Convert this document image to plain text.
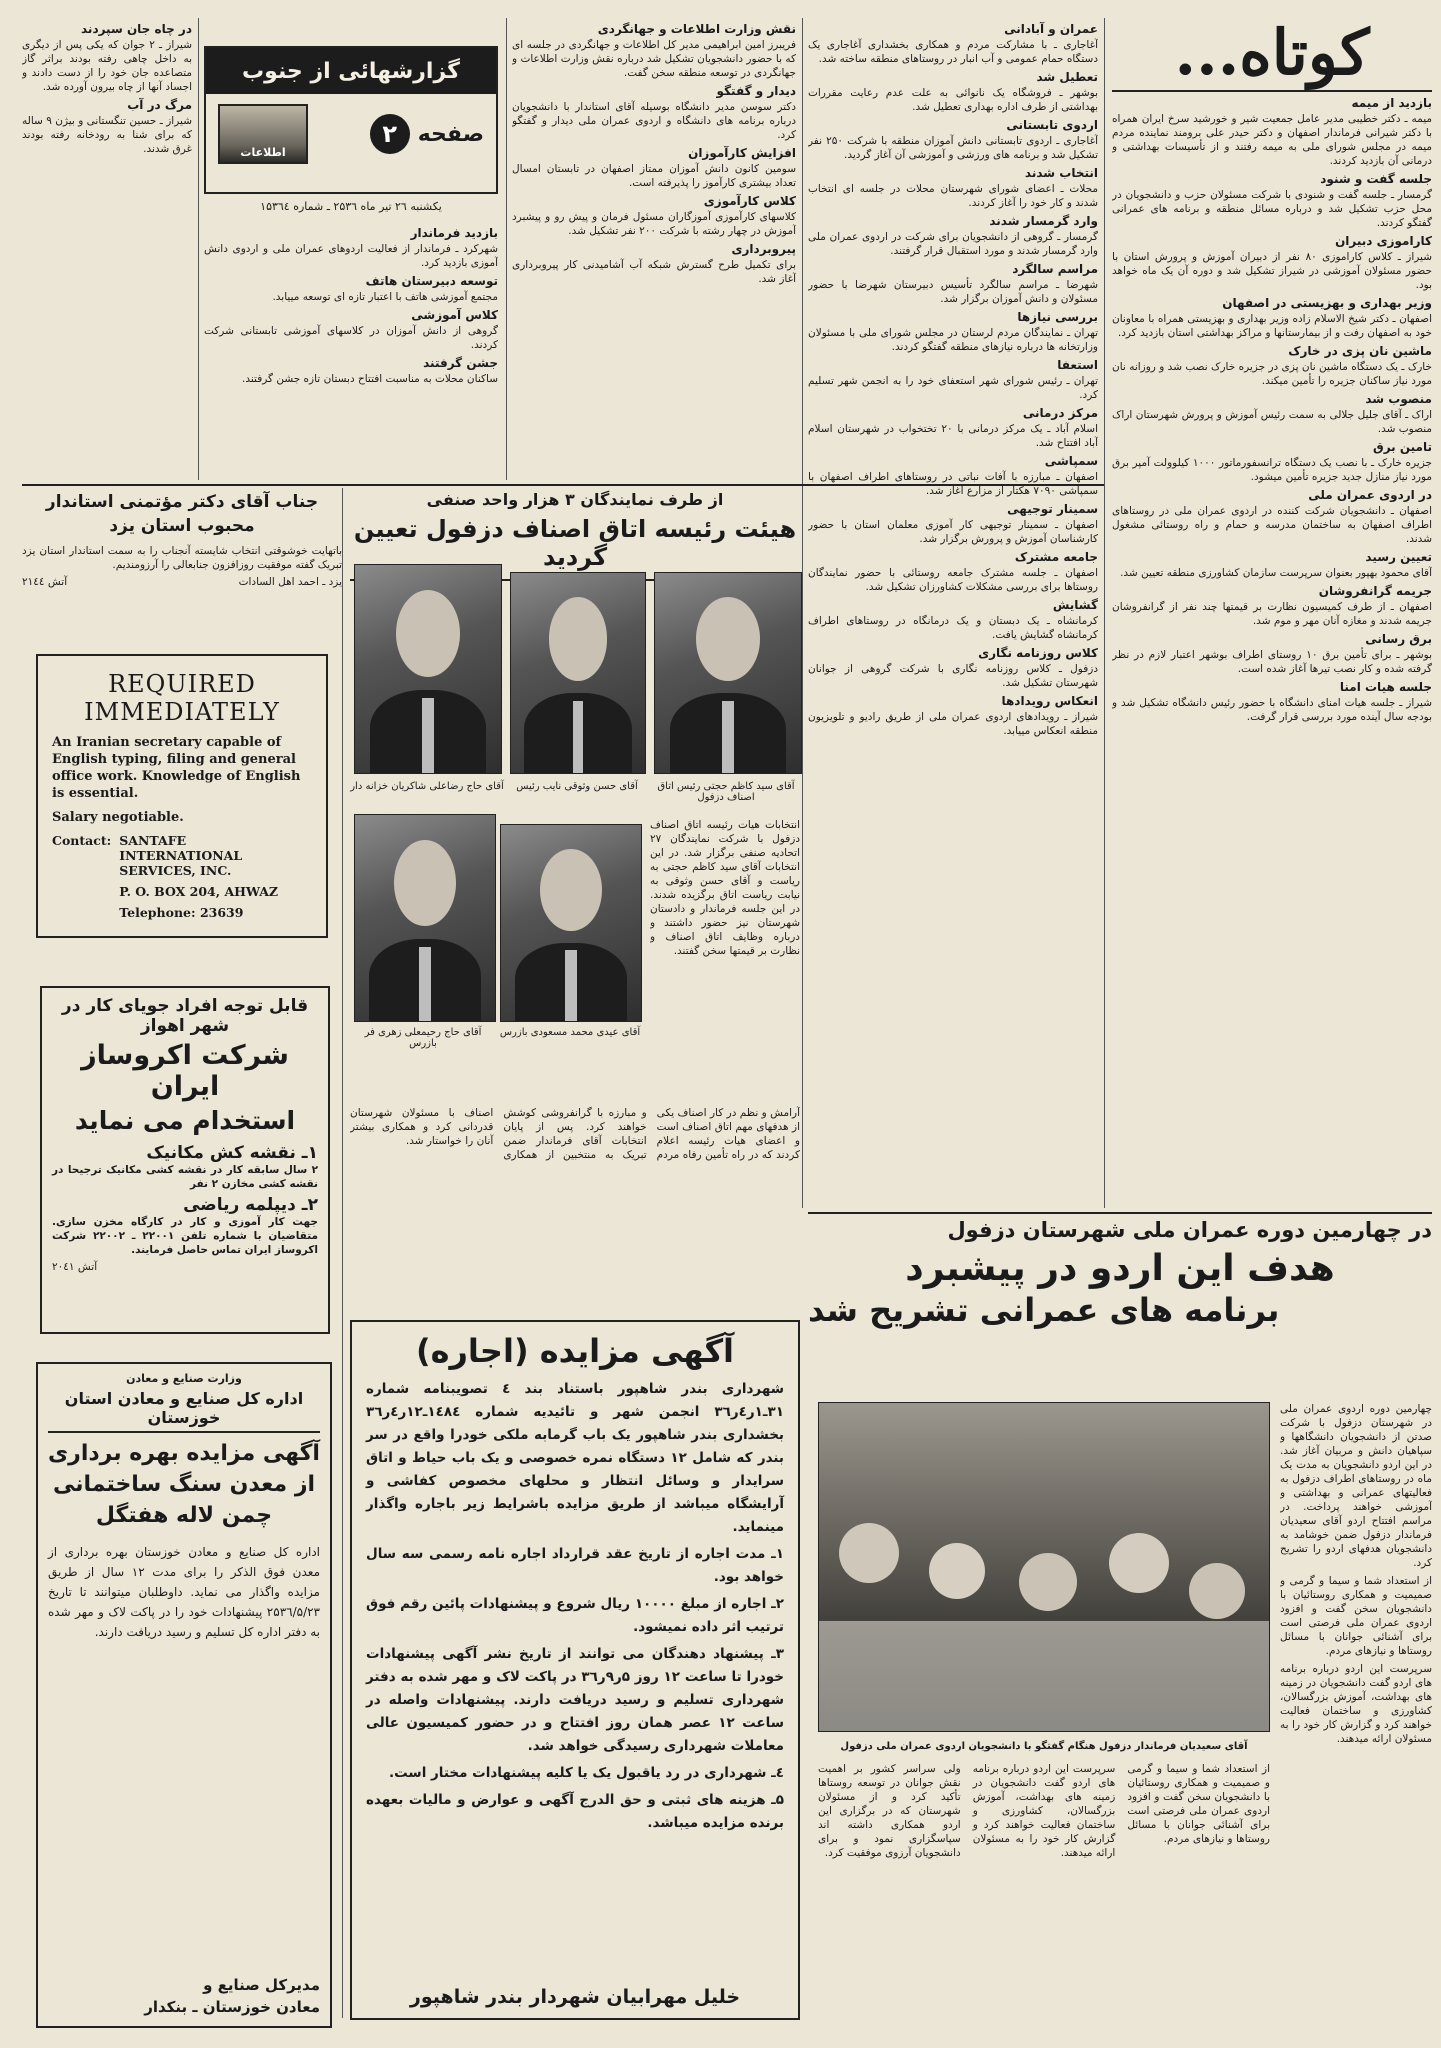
کوتاه...
بازدید از میمه
میمه ـ دکتر خطیبی مدیر عامل جمعیت شیر و خورشید سرخ ایران همراه با دکتر شیرانی فرماندار اصفهان و دکتر حیدر علی برومند نماینده مردم میمه در مجلس شورای ملی به میمه رفتند و از تأسیسات بهداشتی و درمانی آن بازدید کردند.
جلسه گفت و شنود
گرمسار ـ جلسه گفت و شنودی با شرکت مسئولان حزب و دانشجویان در محل حزب تشکیل شد و درباره مسائل منطقه و برنامه های عمرانی گفتگو کردند.
کاراموزی دبیران
شیراز ـ کلاس کاراموزی ۸۰ نفر از دبیران آموزش و پرورش استان با حضور مسئولان آموزشی در شیراز تشکیل شد و دوره آن یک ماه خواهد بود.
وزیر بهداری و بهزیستی در اصفهان
اصفهان ـ دکتر شیخ الاسلام زاده وزیر بهداری و بهزیستی همراه با معاونان خود به اصفهان رفت و از بیمارستانها و مراکز بهداشتی استان بازدید کرد.
ماشین نان پزی در خارک
خارک ـ یک دستگاه ماشین نان پزی در جزیره خارک نصب شد و روزانه نان مورد نیاز ساکنان جزیره را تأمین میکند.
منصوب شد
اراک ـ آقای جلیل جلالی به سمت رئیس آموزش و پرورش شهرستان اراک منصوب شد.
تامین برق
جزیره خارک ـ با نصب یک دستگاه ترانسفورماتور ۱۰۰۰ کیلوولت آمپر برق مورد نیاز منازل جدید جزیره تأمین میشود.
در اردوی عمران ملی
اصفهان ـ دانشجویان شرکت کننده در اردوی عمران ملی در روستاهای اطراف اصفهان به ساختمان مدرسه و حمام و راه روستائی مشغول شدند.
تعیین رسید
آقای محمود بهپور بعنوان سرپرست سازمان کشاورزی منطقه تعیین شد.
جریمه گرانفروشان
اصفهان ـ از طرف کمیسیون نظارت بر قیمتها چند نفر از گرانفروشان جریمه شدند و مغازه آنان مهر و موم شد.
برق رسانی
بوشهر ـ برای تأمین برق ۱۰ روستای اطراف بوشهر اعتبار لازم در نظر گرفته شده و کار نصب تیرها آغاز شده است.
جلسه هیات امنا
شیراز ـ جلسه هیات امنای دانشگاه با حضور رئیس دانشگاه تشکیل شد و بودجه سال آینده مورد بررسی قرار گرفت.
عمران و آبادانی
آغاجاری ـ با مشارکت مردم و همکاری بخشداری آغاجاری یک دستگاه حمام عمومی و آب انبار در روستاهای منطقه ساخته شد.
تعطیل شد
بوشهر ـ فروشگاه یک نانوائی به علت عدم رعایت مقررات بهداشتی از طرف اداره بهداری تعطیل شد.
اردوی تابستانی
آغاجاری ـ اردوی تابستانی دانش آموزان منطقه با شرکت ۲۵۰ نفر تشکیل شد و برنامه های ورزشی و آموزشی آن آغاز گردید.
انتخاب شدند
محلات ـ اعضای شورای شهرستان محلات در جلسه ای انتخاب شدند و کار خود را آغاز کردند.
وارد گرمسار شدند
گرمسار ـ گروهی از دانشجویان برای شرکت در اردوی عمران ملی وارد گرمسار شدند و مورد استقبال قرار گرفتند.
مراسم سالگرد
شهرضا ـ مراسم سالگرد تأسیس دبیرستان شهرضا با حضور مسئولان و دانش آموزان برگزار شد.
بررسی نیازها
تهران ـ نمایندگان مردم لرستان در مجلس شورای ملی با مسئولان وزارتخانه ها درباره نیازهای منطقه گفتگو کردند.
استعفا
تهران ـ رئیس شورای شهر استعفای خود را به انجمن شهر تسلیم کرد.
مرکز درمانی
اسلام آباد ـ یک مرکز درمانی با ۲۰ تختخواب در شهرستان اسلام آباد افتتاح شد.
سمپاشی
اصفهان ـ مبارزه با آفات نباتی در روستاهای اطراف اصفهان با سمپاشی ۷۰۹۰ هکتار از مزارع آغاز شد.
سمینار توجیهی
اصفهان ـ سمینار توجیهی کار آموزی معلمان استان با حضور کارشناسان آموزش و پرورش برگزار شد.
جامعه مشترک
اصفهان ـ جلسه مشترک جامعه روستائی با حضور نمایندگان روستاها برای بررسی مشکلات کشاورزان تشکیل شد.
گشایش
کرمانشاه ـ یک دبستان و یک درمانگاه در روستاهای اطراف کرمانشاه گشایش یافت.
کلاس روزنامه نگاری
دزفول ـ کلاس روزنامه نگاری با شرکت گروهی از جوانان شهرستان تشکیل شد.
انعکاس رویدادها
شیراز ـ رویدادهای اردوی عمران ملی از طریق رادیو و تلویزیون منطقه انعکاس مییابد.
نقش وزارت اطلاعات و جهانگردی
فریبرز امین ابراهیمی مدیر کل اطلاعات و جهانگردی در جلسه ای که با حضور دانشجویان تشکیل شد درباره نقش وزارت اطلاعات و جهانگردی در توسعه منطقه سخن گفت.
دیدار و گفتگو
دکتر سوسن مدیر دانشگاه بوسیله آقای استاندار با دانشجویان درباره برنامه های دانشگاه و اردوی عمران ملی دیدار و گفتگو کرد.
افزایش کارآموزان
سومین کانون دانش آموزان ممتاز اصفهان در تابستان امسال تعداد بیشتری کارآموز را پذیرفته است.
کلاس کارآموزی
کلاسهای کارآموزی آموزگاران مسئول فرمان و پیش رو و پیشبرد آموزش در چهار رشته با شرکت ۲۰۰ نفر تشکیل شد.
پیروبرداری
برای تکمیل طرح گسترش شبکه آب آشامیدنی کار پیروبرداری آغاز شد.
گزارشهائی از جنوب
صفحه
۲
اطلاعات
یکشنبه ۲٦ تیر ماه ۲۵۳٦ ـ شماره ۱۵۳٦٤
بازدید فرماندار
شهرکرد ـ فرماندار از فعالیت اردوهای عمران ملی و اردوی دانش آموزی بازدید کرد.
توسعه دبیرستان هاتف
مجتمع آموزشی هاتف با اعتبار تازه ای توسعه مییابد.
کلاس آموزشی
گروهی از دانش آموزان در کلاسهای آموزشی تابستانی شرکت کردند.
جشن گرفتند
ساکنان محلات به مناسبت افتتاح دبستان تازه جشن گرفتند.
در چاه جان سپردند
شیراز ـ ۲ جوان که یکی پس از دیگری به داخل چاهی رفته بودند براثر گاز متصاعده جان خود را از دست دادند و اجساد آنها از چاه بیرون آورده شد.
مرگ در آب
شیراز ـ حسین تنگستانی و بیژن ۹ ساله که برای شنا به رودخانه رفته بودند غرق شدند.
جناب آقای دکتر مؤتمنی استاندار محبوب استان یزد
باتهایت خوشوقتی انتخاب شایسته آنجناب را به سمت استاندار استان یزد تبریک گفته موفقیت روزافزون جنابعالی را آرزومندیم.
یزد ـ احمد اهل السادات
آتش ۲۱٤٤
REQUIRED
IMMEDIATELY
An Iranian secretary capable of English typing, filing and general office work. Knowledge of English is essential.
Salary negotiable.
Contact: SANTAFE INTERNATIONAL SERVICES, INC.
P. O. BOX 204, AHWAZ
Telephone: 23639
قابل توجه افراد جویای کار در
شهر اهواز
شرکت اکروساز ایران
استخدام می نماید
۱ـ نقشه کش مکانیک
۲ سال سابقه کار در نقشه کشی مکانیک ترجیحا در نقشه کشی مخازن ۲ نفر
۲ـ دیپلمه ریاضی
جهت کار آموزی و کار در کارگاه مخزن سازی. متقاضیان با شماره تلفن ۲۲۰۰۱ ـ ۲۲۰۰۲ شرکت اکروساز ایران تماس حاصل فرمایند.
آتش ۲۰٤۱
وزارت صنایع و معادن
اداره کل صنایع و معادن استان خوزستان
آگهی مزایده بهره برداری
از معدن سنگ ساختمانی
چمن لاله هفتگل
اداره کل صنایع و معادن خوزستان بهره برداری از معدن فوق الذکر را برای مدت ۱۲ سال از طریق مزایده واگذار می نماید. داوطلبان میتوانند تا تاریخ ۲۵۳٦/۵/۲۳ پیشنهادات خود را در پاکت لاک و مهر شده به دفتر اداره کل تسلیم و رسید دریافت دارند.
مدیرکل صنایع و
معادن خوزستان ـ بنکدار
از طرف نمایندگان ۳ هزار واحد صنفی
هیئت رئیسه اتاق اصناف دزفول تعیین گردید
آقای سید کاظم حجتی رئیس اتاق اصناف دزفول
آقای حسن وثوقی نایب رئیس
آقای حاج رضاعلی شاکریان خزانه دار
انتخابات هیات رئیسه اتاق اصناف دزفول با شرکت نمایندگان ۲۷ اتحادیه صنفی برگزار شد. در این انتخابات آقای سید کاظم حجتی به ریاست و آقای حسن وثوقی به نیابت ریاست اتاق برگزیده شدند. در این جلسه فرماندار و دادستان شهرستان نیز حضور داشتند و درباره وظایف اتاق اصناف و نظارت بر قیمتها سخن گفتند.
آقای عیدی محمد مسعودی بازرس
آقای حاج رحیمعلی زهری فر بازرس
آرامش و نظم در کار اصناف یکی از هدفهای مهم اتاق اصناف است و اعضای هیات رئیسه اعلام کردند که در راه تأمین رفاه مردم و مبارزه با گرانفروشی کوشش خواهند کرد. پس از پایان انتخابات آقای فرماندار ضمن تبریک به منتخبین از همکاری اصناف با مسئولان شهرستان قدردانی کرد و همکاری بیشتر آنان را خواستار شد.
آگهی مزایده (اجاره)
شهرداری بندر شاهپور باستناد بند ٤ تصویبنامه شماره ۳۱ـ۱ر٤ر۳٦ انجمن شهر و تائیدیه شماره ۱٤۸٤ـ۱۲ر٤ر۳٦ بخشداری بندر شاهپور یک باب گرمابه ملکی خودرا واقع در سر بندر که شامل ۱۲ دستگاه نمره خصوصی و یک باب حیاط و اتاق سرایدار و وسائل انتظار و محلهای مخصوص کفاشی و آرایشگاه میباشد از طریق مزایده باشرایط زیر باجاره واگذار مینماید.
۱ـ مدت اجاره از تاریخ عقد قرارداد اجاره نامه رسمی سه سال خواهد بود.
۲ـ اجاره از مبلغ ۱۰۰۰۰ ریال شروع و پیشنهادات پائین رقم فوق ترتیب اثر داده نمیشود.
۳ـ پیشنهاد دهندگان می توانند از تاریخ نشر آگهی پیشنهادات خودرا تا ساعت ۱۲ روز ۵ر۹ر۳٦ در پاکت لاک و مهر شده به دفتر شهرداری تسلیم و رسید دریافت دارند. پیشنهادات واصله در ساعت ۱۲ عصر همان روز افتتاح و در حضور کمیسیون عالی معاملات شهرداری رسیدگی خواهد شد.
٤ـ شهرداری در رد یاقبول یک یا کلیه پیشنهادات مختار است.
۵ـ هزینه های ثبتی و حق الدرج آگهی و عوارض و مالیات بعهده برنده مزایده میباشد.
خلیل مهرابیان شهردار بندر شاهپور
در چهارمین دوره عمران ملی شهرستان دزفول
هدف این اردو در پیشبرد
برنامه های عمرانی تشریح شد
آقای سعیدیان فرماندار دزفول هنگام گفتگو با دانشجویان اردوی عمران ملی دزفول
چهارمین دوره اردوی عمران ملی در شهرستان دزفول با شرکت صدتن از دانشجویان دانشگاهها و سپاهیان دانش و مربیان آغاز شد. در این اردو دانشجویان به مدت یک ماه در روستاهای اطراف دزفول به فعالیتهای عمرانی و بهداشتی و آموزشی خواهند پرداخت. در مراسم افتتاح اردو آقای سعیدیان فرماندار دزفول ضمن خوشامد به دانشجویان هدفهای اردو را تشریح کرد.
از استعداد شما و سیما و گرمی و صمیمیت و همکاری روستائیان با دانشجویان سخن گفت و افزود اردوی عمران ملی فرصتی است برای آشنائی جوانان با مسائل روستاها و نیازهای مردم.
سرپرست این اردو درباره برنامه های اردو گفت دانشجویان در زمینه های بهداشت، آموزش بزرگسالان، کشاورزی و ساختمان فعالیت خواهند کرد و گزارش کار خود را به مسئولان ارائه میدهند.
از استعداد شما و سیما و گرمی و صمیمیت و همکاری روستائیان با دانشجویان سخن گفت و افزود اردوی عمران ملی فرصتی است برای آشنائی جوانان با مسائل روستاها و نیازهای مردم.
سرپرست این اردو درباره برنامه های اردو گفت دانشجویان در زمینه های بهداشت، آموزش بزرگسالان، کشاورزی و ساختمان فعالیت خواهند کرد و گزارش کار خود را به مسئولان ارائه میدهند.
ولی سراسر کشور بر اهمیت نقش جوانان در توسعه روستاها تأکید کرد و از مسئولان شهرستان که در برگزاری این اردو همکاری داشته اند سپاسگزاری نمود و برای دانشجویان آرزوی موفقیت کرد.
